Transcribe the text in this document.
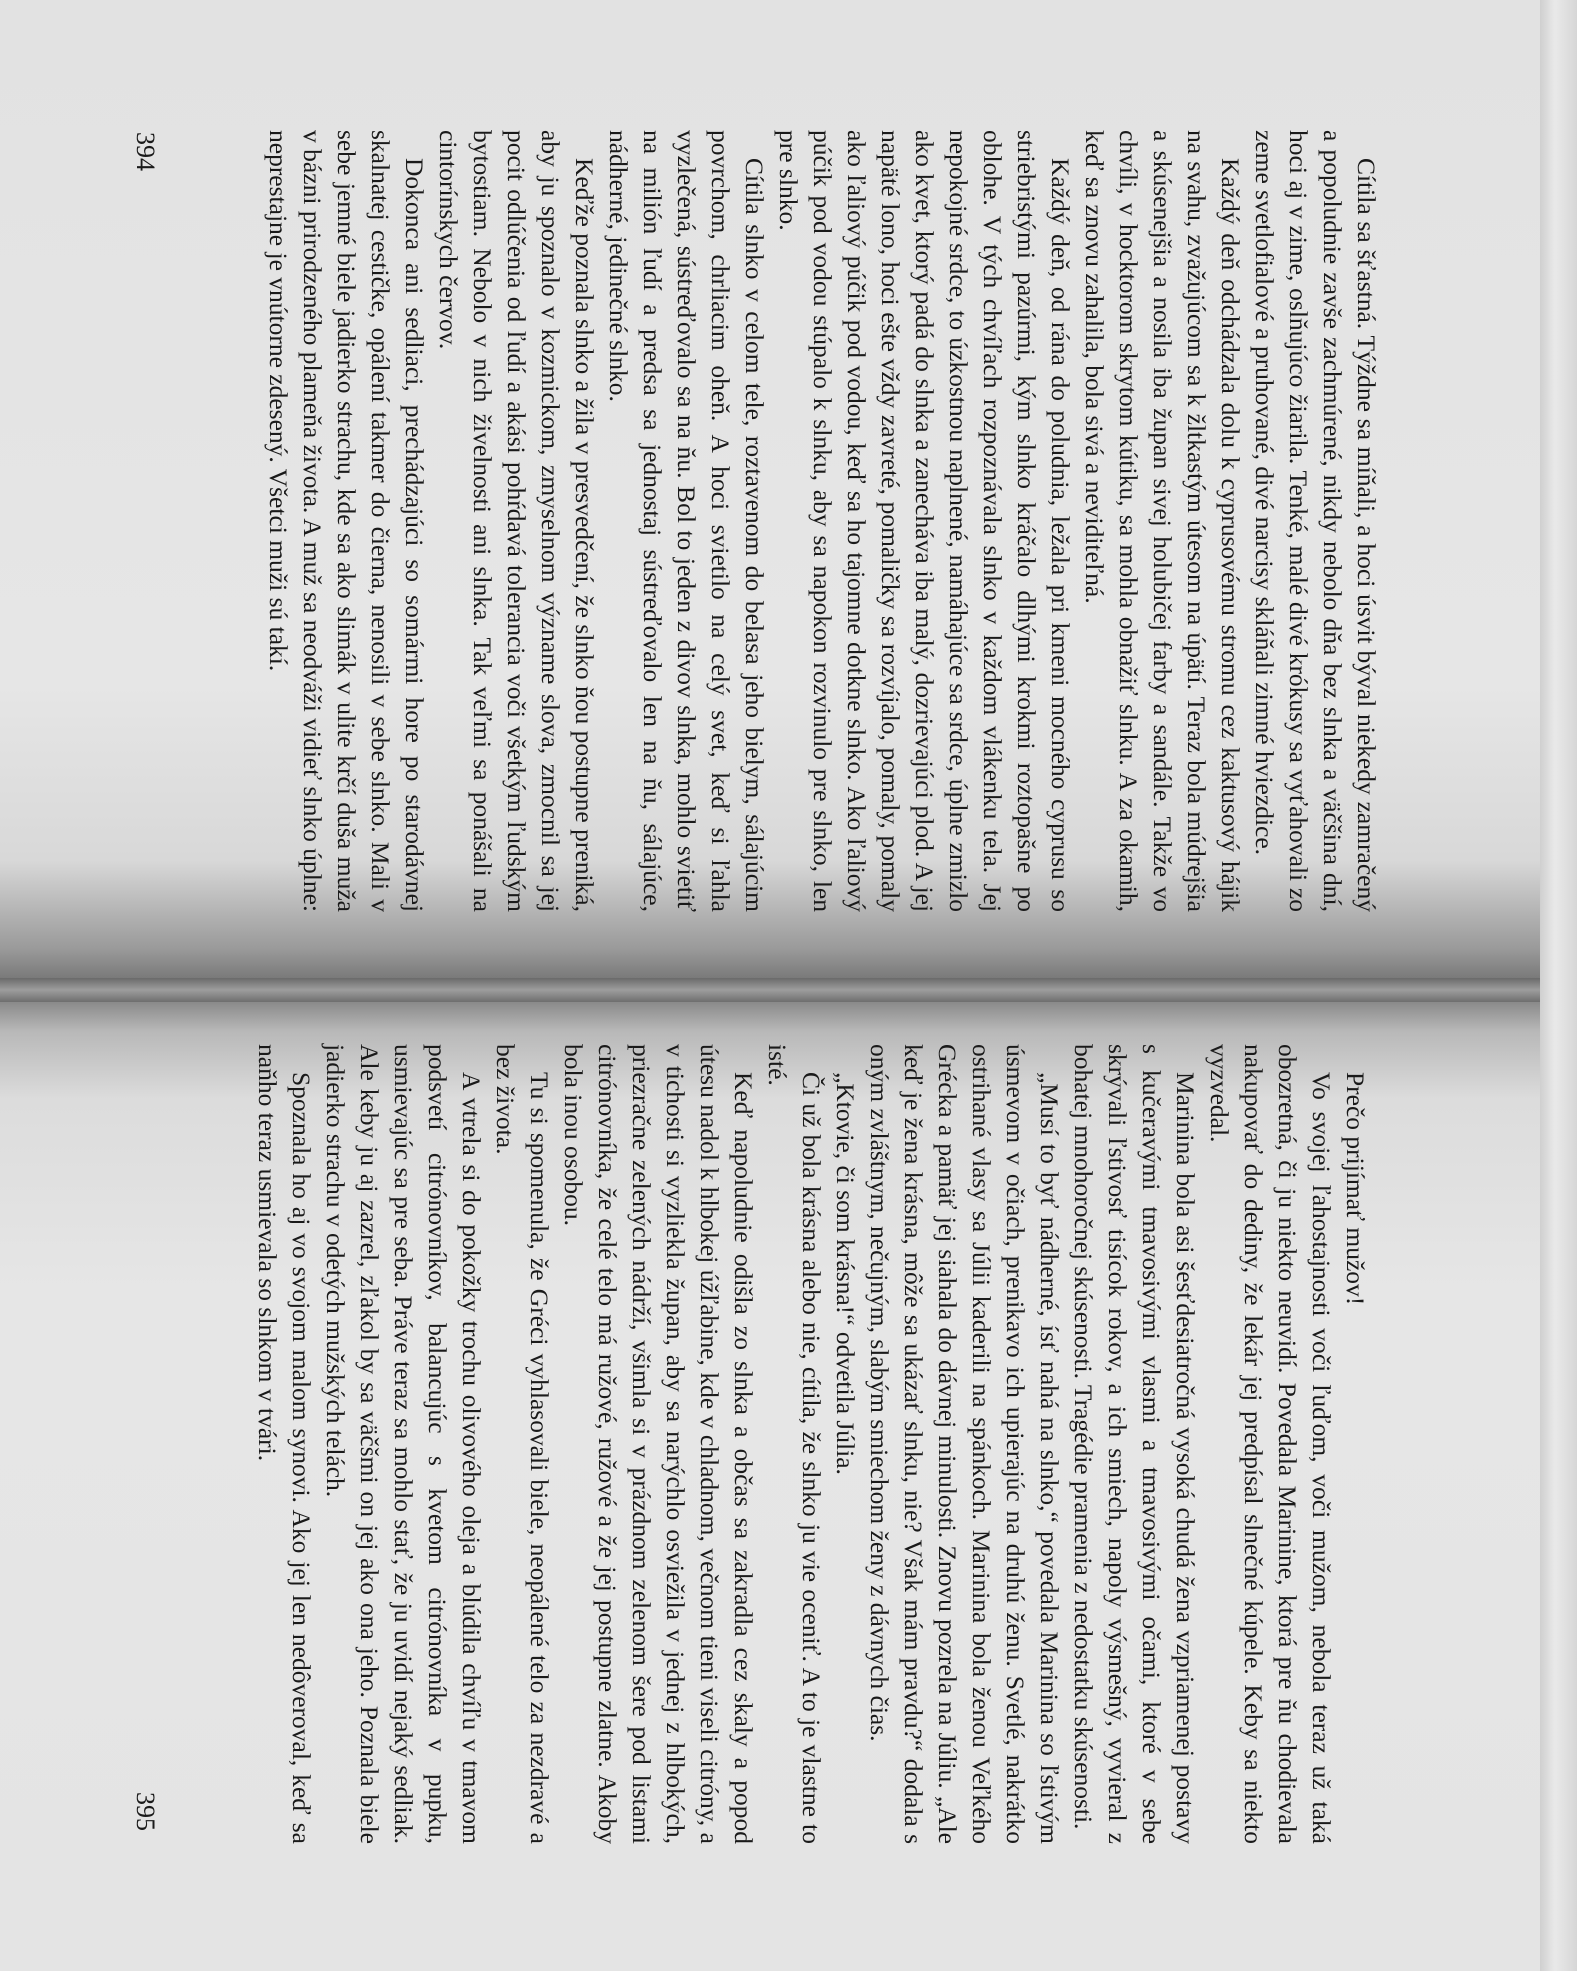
Cítila sa šťastná. Týždne sa míňali, a hoci úsvit býval niekedy zamračený a popoludnie zavše zachmúrené, nikdy nebolo dňa bez slnka a väčšina dní, hoci aj v zime, oslňujúco žiarila. Tenké, malé divé krókusy sa vyťahovali zo zeme svetlofialové a pruhované, divé narcisy skláňali zimné hviezdice.

Každý deň odchádzala dolu k cyprusovému stromu cez kaktusový hájik na svahu, zvažujúcom sa k žltkastým útesom na úpätí. Teraz bola múdrejšia a skúsenejšia a nosila iba župan sivej holubičej farby a sandále. Takže vo chvíli, v hocktorom skrytom kútiku, sa mohla obnažiť slnku. A za okamih, keď sa znovu zahalila, bola sivá a neviditeľná.

Každý deň, od rána do poludnia, ležala pri kmeni mocného cyprusu so striebristými pazúrmi, kým slnko kráčalo dlhými krokmi roztopašne po oblohe. V tých chvíľach rozpoznávala slnko v každom vlákenku tela. Jej nepokojné srdce, to úzkostnou naplnené, namáhajúce sa srdce, úplne zmizlo ako kvet, ktorý padá do slnka a zanecháva iba malý, dozrievajúci plod. A jej napäté lono, hoci ešte vždy zavreté, pomaličky sa rozvíjalo, pomaly, pomaly ako ľaliový púčik pod vodou, keď sa ho tajomne dotkne slnko. Ako ľaliový púčik pod vodou stúpalo k slnku, aby sa napokon rozvinulo pre slnko, len pre slnko.

Cítila slnko v celom tele, roztavenom do belasa jeho bielym, sálajúcim povrchom, chrliacim oheň. A hoci svietilo na celý svet, keď si ľahla vyzlečená, sústreďovalo sa na ňu. Bol to jeden z divov slnka, mohlo svietiť na milión ľudí a predsa sa jednostaj sústreďovalo len na ňu, sálajúce, nádherné, jedinečné slnko.

Keďže poznala slnko a žila v presvedčení, že slnko ňou postupne preniká, aby ju spoznalo v kozmickom, zmyselnom význame slova, zmocnil sa jej pocit odlúčenia od ľudí a akási pohŕdavá tolerancia voči všetkým ľudským bytostiam. Nebolo v nich živelnosti ani slnka. Tak veľmi sa ponášali na cintorínskych červov.

Dokonca ani sedliaci, prechádzajúci so somármi hore po starodávnej skalnatej cestičke, opálení takmer do čierna, nenosili v sebe slnko. Mali v sebe jemné biele jadierko strachu, kde sa ako slimák v ulite krčí duša muža v bázni prirodzeného plameňa života. A muž sa neodváži vidieť slnko úplne: neprestajne je vnútorne zdesený. Všetci muži sú takí.

394

Prečo prijímať mužov!

Vo svojej ľahostajnosti voči ľuďom, voči mužom, nebola teraz už taká obozretná, či ju niekto neuvidí. Povedala Marinine, ktorá pre ňu chodievala nakupovať do dediny, že lekár jej predpísal slnečné kúpele. Keby sa niekto vyzvedal.

Marinina bola asi šesťdesiatročná vysoká chudá žena vzpriamenej postavy s kučeravými tmavosivými vlasmi a tmavosivými očami, ktoré v sebe skrývali ľstivosť tisícok rokov, a ich smiech, napoly výsmešný, vyvieral z bohatej mnohoročnej skúsenosti. Tragédie pramenia z nedostatku skúsenosti.

„Musí to byť nádherné, ísť nahá na slnko,“ povedala Marinina so ľstivým úsmevom v očiach, prenikavo ich upierajúc na druhú ženu. Svetlé, nakrátko ostrihané vlasy sa Júlii kaderili na spánkoch. Marinina bola ženou Veľkého Grécka a pamäť jej siahala do dávnej minulosti. Znovu pozrela na Júliu. „Ale keď je žena krásna, môže sa ukázať slnku, nie? Však mám pravdu?“ dodala s oným zvláštnym, nečujným, slabým smiechom ženy z dávnych čias.

„Ktovie, či som krásna!“ odvetila Júlia.

Či už bola krásna alebo nie, cítila, že slnko ju vie oceniť. A to je vlastne to isté.

Keď napoludnie odišla zo slnka a občas sa zakradla cez skaly a popod útesu nadol k hlbokej úžľabine, kde v chladnom, večnom tieni viseli citróny, a v tichosti si vyzliekla župan, aby sa narýchlo osviežila v jednej z hlbokých, priezračne zelených nádrží, všimla si v prázdnom zelenom šere pod listami citrónovníka, že celé telo má ružové, ružové a že jej postupne zlatne. Akoby bola inou osobou.

Tu si spomenula, že Gréci vyhlasovali biele, neopálené telo za nezdravé a bez života.

A vtrela si do pokožky trochu olivového oleja a blúdila chvíľu v tmavom podsvetí citrónovníkov, balancujúc s kvetom citrónovníka v pupku, usmievajúc sa pre seba. Práve teraz sa mohlo stať, že ju uvidí nejaký sedliak. Ale keby ju aj zazrel, zľakol by sa väčšmi on jej ako ona jeho. Poznala biele jadierko strachu v odetých mužských telách.

Spoznala ho aj vo svojom malom synovi. Ako jej len nedôveroval, keď sa naňho teraz usmievala so slnkom v tvári.

395
